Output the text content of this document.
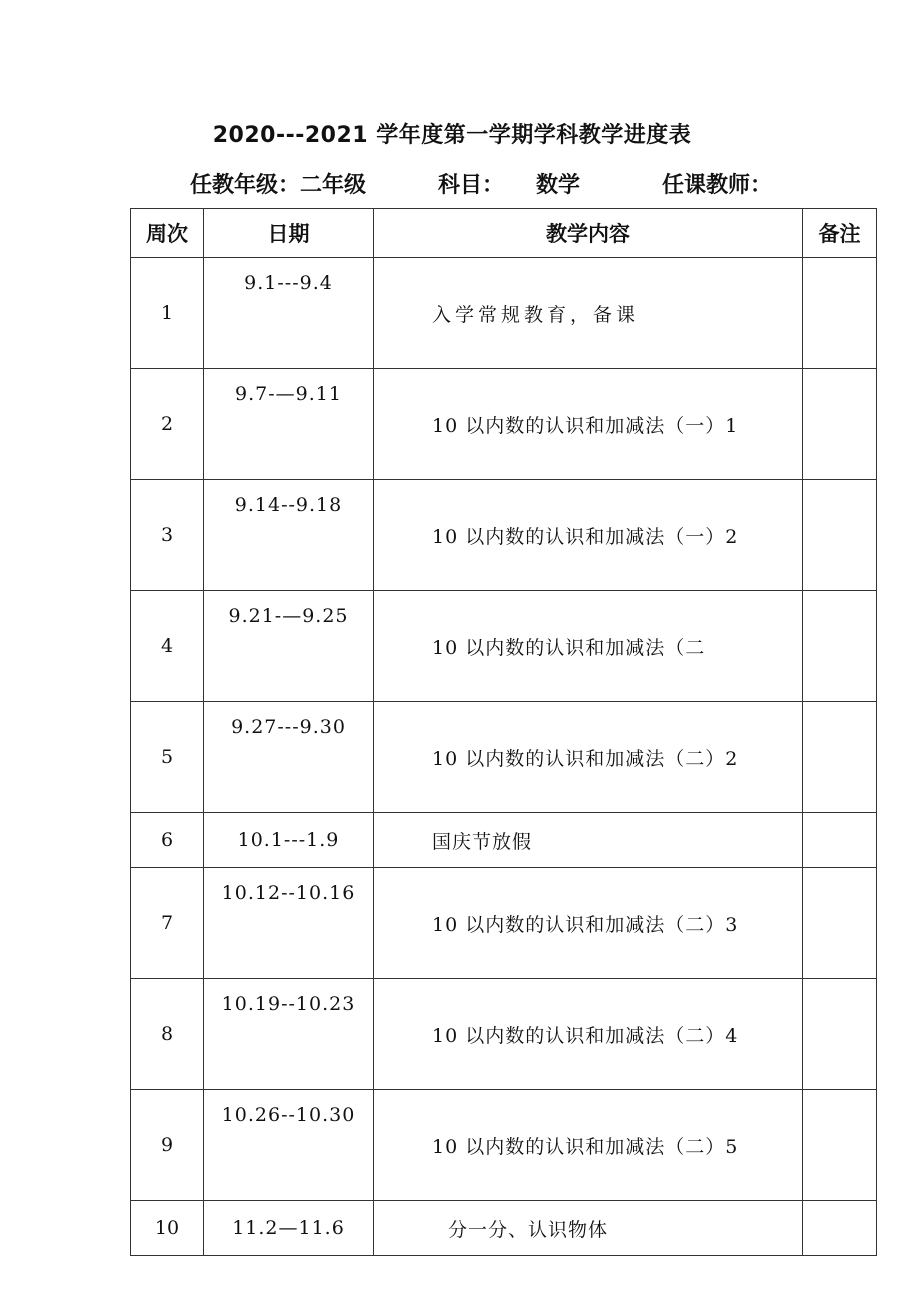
2020---2021 学年度第一学期学科教学进度表
任教年级：二年级	科目： 数学	任课教师：
周次	日期	教学内容	备注
1	9.1---9.4	入学常规教育，备课	
2	9.7-—9.11	10 以内数的认识和加减法（一）1	
3	9.14--9.18	10 以内数的认识和加减法（一）2	
4	9.21-—9.25	10 以内数的认识和加减法（二	
5	9.27---9.30	10 以内数的认识和加减法（二）2	
6	10.1---1.9	国庆节放假	
7	10.12--10.16	10 以内数的认识和加减法（二）3	
8	10.19--10.23	10 以内数的认识和加减法（二）4	
9	10.26--10.30	10 以内数的认识和加减法（二）5	
10	11.2—11.6	分一分、认识物体	
